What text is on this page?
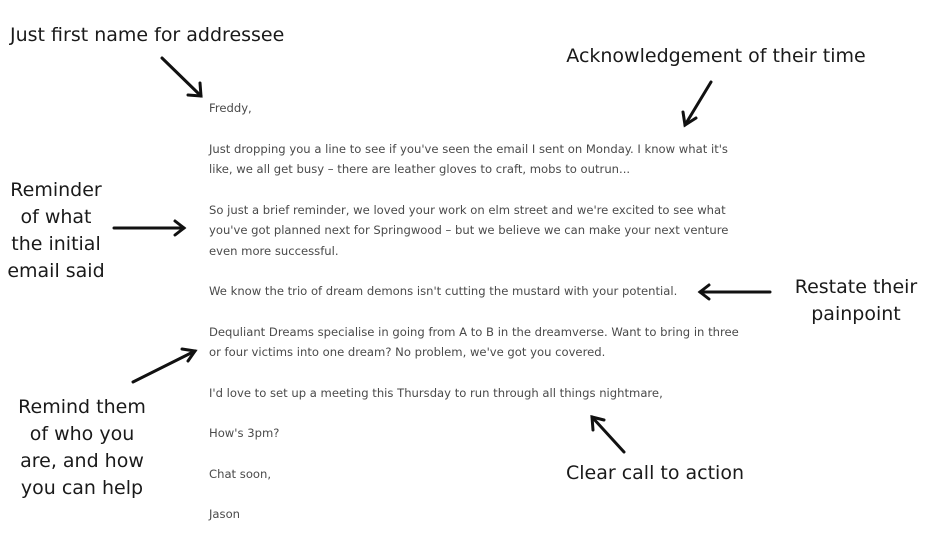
Just first name for addressee
Acknowledgement of their time
Reminder
of what
the initial
email said
Restate their
painpoint
Remind them
of who you
are, and how
you can help
Clear call to action

Freddy,

Just dropping you a line to see if you've seen the email I sent on Monday. I know what it's
like, we all get busy – there are leather gloves to craft, mobs to outrun...

So just a brief reminder, we loved your work on elm street and we're excited to see what
you've got planned next for Springwood – but we believe we can make your next venture
even more successful.

We know the trio of dream demons isn't cutting the mustard with your potential.

Dequliant Dreams specialise in going from A to B in the dreamverse. Want to bring in three
or four victims into one dream? No problem, we've got you covered.

I'd love to set up a meeting this Thursday to run through all things nightmare,

How's 3pm?

Chat soon,

Jason
